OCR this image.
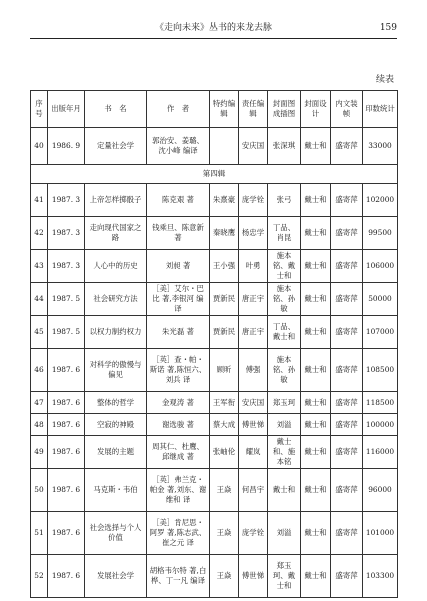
《走向未来》丛书的来龙去脉	159
续表
序号	出版年月	书　名	作　者	特约编辑	责任编辑	封面图成插图	封面设计	内文装帧	印数统计
40	1986. 9	定量社会学	郭治安、姜璐、沈小峰 编译		安庆国	张深琪	戴士和	盛寄萍	33000
第四辑									
41	1987. 3	上帝怎样掷骰子	陈克艰 著	朱熹豪	庞学铨	张弓	戴士和	盛寄萍	102000
42	1987. 3	走向现代国家之路	钱乘旦、陈意新 著	秦晓鹰	杨忠学	丁品、肖昆	戴士和	盛寄萍	99500
43	1987. 3	人心中的历史	刘昶 著	王小强	叶勇	施本铭、戴士和	戴士和	盛寄萍	106000
44	1987. 5	社会研究方法	［美］艾尔・巴比 著,李银河 编译	贾新民	唐正宇	施本铭、孙敏	戴士和	盛寄萍	50000
45	1987. 5	以权力制约权力	朱光磊 著	贾新民	唐正宇	丁品、戴士和	戴士和	盛寄萍	107000
46	1987. 6	对科学的傲慢与偏见	［英］查・帕・斯诺 著,陈恒六、刘兵 译	顾昕	傅强	施本铭、孙敏	戴士和	盛寄萍	108500
47	1987. 6	整体的哲学	金观涛 著	王军衔	安庆国	郑玉珂	戴士和	盛寄萍	118500
48	1987. 6	空寂的神殿	谢选骏 著	蔡大成	傅世悌	刘溢	戴士和	盛寄萍	100000
49	1987. 6	发展的主题	周其仁、杜鹰、邱继成 著	张岫伦	耀岚	戴士和、施本铭	戴士和	盛寄萍	116000
50	1987. 6	马克斯・韦伯	［英］弗兰克・帕金 著,刘东、谢维和 译	王焱	何昌宇	戴士和	戴士和	盛寄萍	96000
51	1987. 6	社会选择与个人价值	［美］肯尼思・阿罗 著,陈志武、崔之元 译	王焱	庞学铨	刘溢	戴士和	盛寄萍	101000
52	1987. 6	发展社会学	胡格韦尔特 著,白桦、丁一凡 编译	王焱	傅世悌	郑玉珂、戴士和	戴士和	盛寄萍	103300
